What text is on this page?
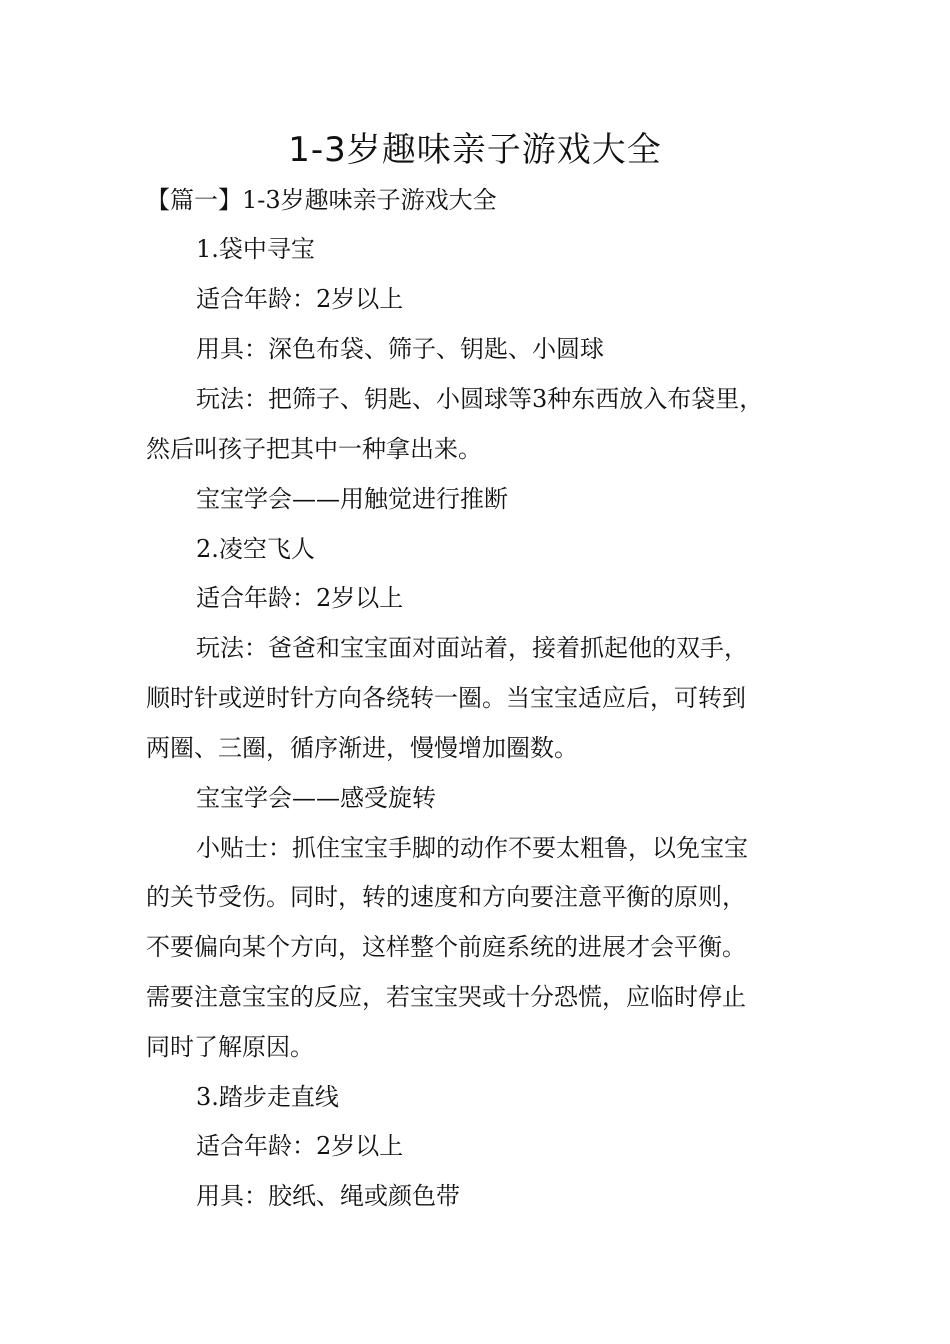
1-3岁趣味亲子游戏大全
【篇一】1-3岁趣味亲子游戏大全
1.袋中寻宝
适合年龄：2岁以上
用具：深色布袋、筛子、钥匙、小圆球
玩法：把筛子、钥匙、小圆球等3种东西放入布袋里，
然后叫孩子把其中一种拿出来。
宝宝学会——用触觉进行推断
2.凌空飞人
适合年龄：2岁以上
玩法：爸爸和宝宝面对面站着，接着抓起他的双手，
顺时针或逆时针方向各绕转一圈。当宝宝适应后，可转到
两圈、三圈，循序渐进，慢慢增加圈数。
宝宝学会——感受旋转
小贴士：抓住宝宝手脚的动作不要太粗鲁，以免宝宝
的关节受伤。同时，转的速度和方向要注意平衡的原则，
不要偏向某个方向，这样整个前庭系统的进展才会平衡。
需要注意宝宝的反应，若宝宝哭或十分恐慌，应临时停止
同时了解原因。
3.踏步走直线
适合年龄：2岁以上
用具：胶纸、绳或颜色带
